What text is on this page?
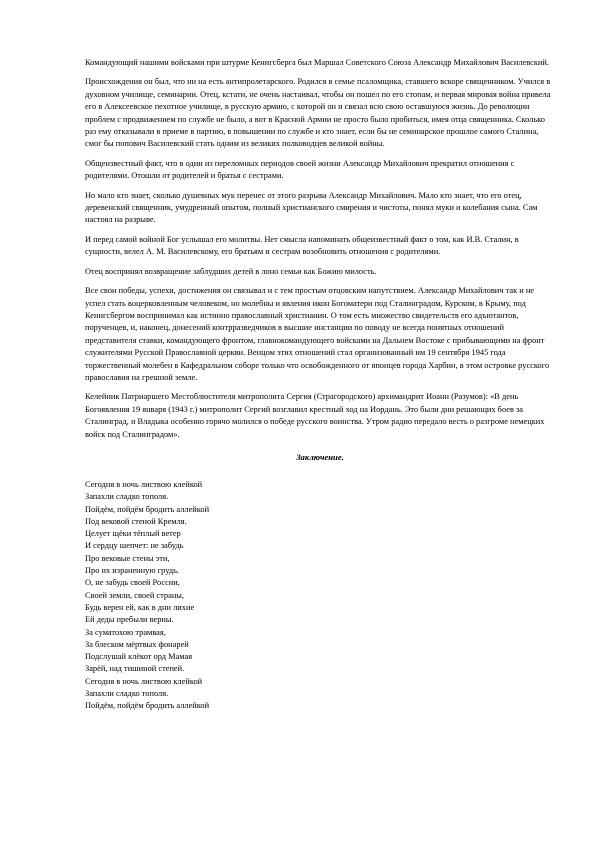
Командующий нашими войсками при штурме Кенигсберга был Маршал Советского Союза Александр Михайлович Василевский.

Происхождения он был, что ни на есть антипролетарского. Родился в семье псаломщика, ставшего вскоре священником. Учился в духовном училище, семинарии. Отец, кстати, не очень настаивал, чтобы он пошел по его стопам, и первая мировая война привела его в Алексеевское пехотное училище, в русскую армию, с которой он и связал всю свою оставшуюся жизнь. До революции проблем с продвижением по службе не было, а вот в Красной Армии не просто было пробиться, имея отца священника. Сколько раз ему отказывали в приеме в партию, в повышении по службе и кто знает, если бы не семинарское прошлое самого Сталина, смог бы попович Василевский стать одним из великих полководцев великой войны.

Общеизвестный факт, что в один из переломных периодов своей жизни Александр Михайлович прекратил отношения с родителями. Отошли от родителей и братья с сестрами.

Но мало кто знает, сколько душевных мук перенес от этого разрыва Александр Михайлович. Мало кто знает, что его отец, деревенский священник, умудренный опытом, полный христианского смирения и чистоты, понял муки и колебания сына. Сам настоял на разрыве.

И перед самой войной Бог услышал его молитвы. Нет смысла напоминать общеизвестный факт о том, как И.В. Сталин, в сущности, велел А. М. Василевскому, его братьям и сестрам возобновить отношения с родителями.

Отец воспринял возвращение заблудших детей в лоно семьи как Божию милость.

Все свои победы, успехи, достижения он связывал и с тем простым отцовским напутствием. Александр Михайлович так и не успел стать воцерковленным человеком, но молебны и явления икон Богоматери под Сталинградом, Курском, в Крыму, под Кенигсбергом воспринимал как истинно православный христианин. О том есть множество свидетельств его адъютантов, порученцев, и, наконец, донесений контрразведчиков в высшие инстанции по поводу не всегда понятных отношений представителя ставки, командующего фронтом, главнокомандующего войсками на Дальнем Востоке с прибывающими на фронт служителями Русской Православной церкви. Венцом этих отношений стал организованный им 19 сентября 1945 года торжественный молебен в Кафедральном соборе только что освобожденного от японцев города Харбин, в этом островке русского православия на грешной земле.

Келейник Патриаршего Местоблюстителя митрополита Сергия (Страгородского) архимандрит Иоанн (Разумов): «В день Богоявления 19 января (1943 г.) митрополит Сергий возглавил крестный ход на Иордань. Это были дни решающих боев за Сталинград, и Владыка особенно горячо молился о победе русского воинства. Утром радио передало весть о разгроме немецких войск под Сталинградом».

Заключение.
Сегодня в ночь листвою клейкой
Запахли сладко тополя.
Пойдём, пойдём бродить аллейкой
Под вековой стеной Кремля.
Целует щёки тёплый ветер
И сердцу шепчет: не забудь
Про вековые стены эти,
Про их израненную грудь.
О, не забудь своей России,
Своей земли, своей страны,
Будь верен ей, как в дни лихие
Ей деды пребыли верны.
За суматохою трамвая,
За блеском мёртвых фонарей
Подслушай клёкот орд Мамая
Зарёй, над тишиной степей.
Сегодня в ночь листвою клейкой
Запахли сладко тополя.
Пойдём, пойдём бродить аллейкой
